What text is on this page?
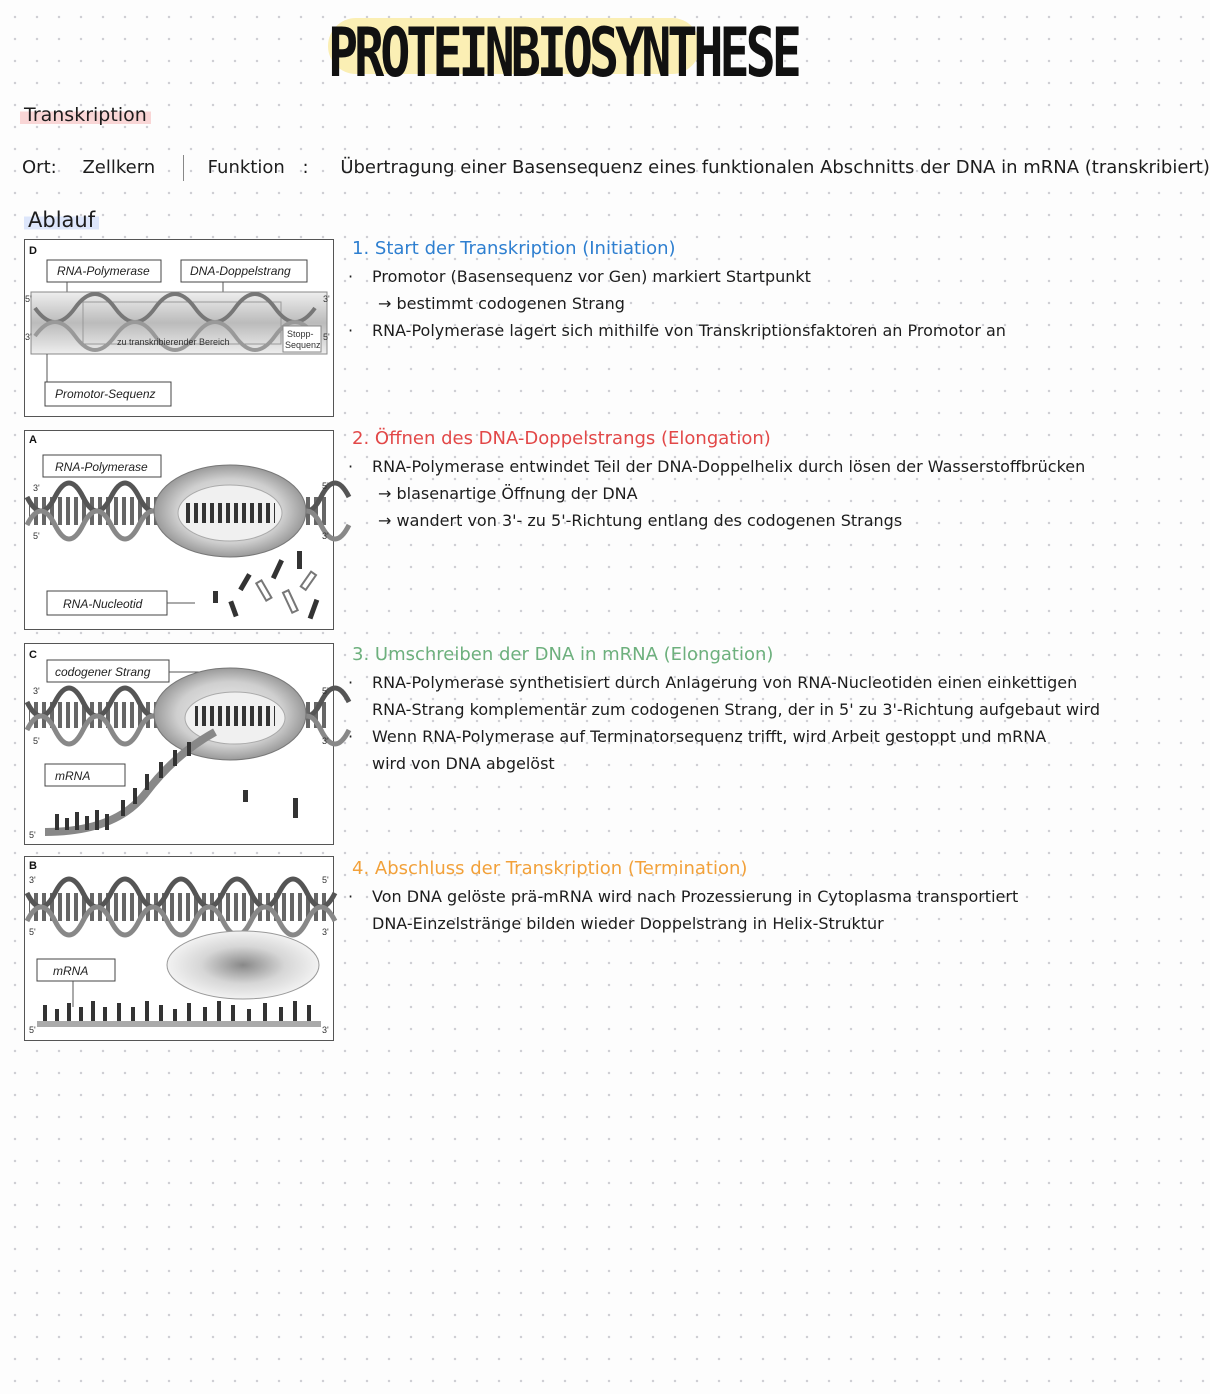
PROTEINBIOSYNTHESE
Transkription
Ort: Zellkern	Funktion : Übertragung einer Basensequenz eines funktionalen Abschnitts der DNA in mRNA (transkribiert)
Ablauf
D
RNA-Polymerase	DNA-Doppelstrang
zu transkribierender Bereich
Stopp-
Sequenz
5'
3'
3'
5'
Promotor-Sequenz
A
RNA-Polymerase
3'
5'
5'
3'
RNA-Nucleotid
C
codogener Strang
3'
5'
5'
3'
5'
mRNA
B
3'
5'
5'
3'
mRNA
5'	3'
1. Start der Transkription (Initiation)
· Promotor (Basensequenz vor Gen) markiert Startpunkt
→ bestimmt codogenen Strang
· RNA-Polymerase lagert sich mithilfe von Transkriptionsfaktoren an Promotor an
2. Öffnen des DNA-Doppelstrangs (Elongation)
· RNA-Polymerase entwindet Teil der DNA-Doppelhelix durch lösen der Wasserstoffbrücken
→ blasenartige Öffnung der DNA
→ wandert von 3'- zu 5'-Richtung entlang des codogenen Strangs
3. Umschreiben der DNA in mRNA (Elongation)
· RNA-Polymerase synthetisiert durch Anlagerung von RNA-Nucleotiden einen einkettigen
RNA-Strang komplementär zum codogenen Strang, der in 5' zu 3'-Richtung aufgebaut wird
· Wenn RNA-Polymerase auf Terminatorsequenz trifft, wird Arbeit gestoppt und mRNA
wird von DNA abgelöst
4. Abschluss der Transkription (Termination)
· Von DNA gelöste prä-mRNA wird nach Prozessierung in Cytoplasma transportiert
DNA-Einzelstränge bilden wieder Doppelstrang in Helix-Struktur
